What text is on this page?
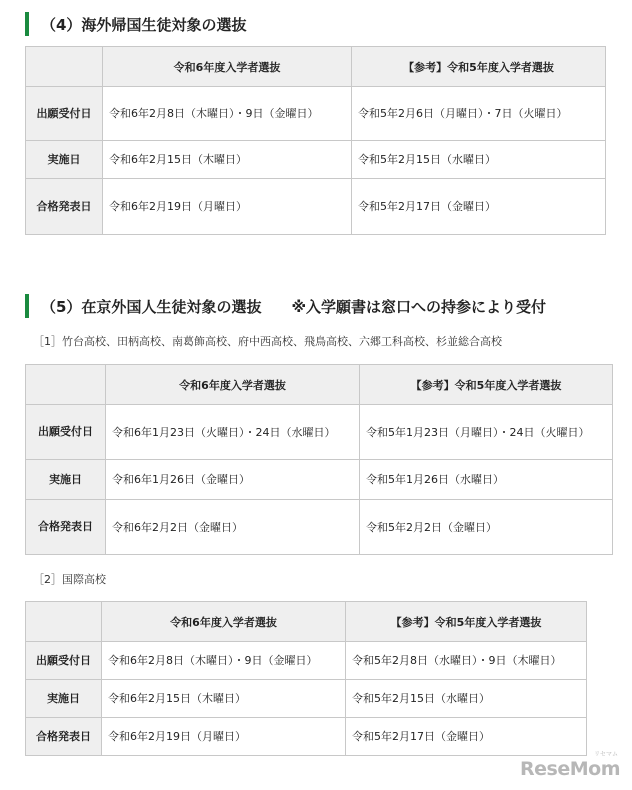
（4）海外帰国生徒対象の選抜
	令和6年度入学者選抜	【参考】令和5年度入学者選抜
出願受付日	令和6年2月8日（木曜日）・9日（金曜日）	令和5年2月6日（月曜日）・7日（火曜日）
実施日	令和6年2月15日（木曜日）	令和5年2月15日（水曜日）
合格発表日	令和6年2月19日（月曜日）	令和5年2月17日（金曜日）
（5）在京外国人生徒対象の選抜 ※入学願書は窓口への持参により受付
［1］竹台高校、田柄高校、南葛飾高校、府中西高校、飛鳥高校、六郷工科高校、杉並総合高校
	令和6年度入学者選抜	【参考】令和5年度入学者選抜
出願受付日	令和6年1月23日（火曜日）・24日（水曜日）	令和5年1月23日（月曜日）・24日（火曜日）
実施日	令和6年1月26日（金曜日）	令和5年1月26日（水曜日）
合格発表日	令和6年2月2日（金曜日）	令和5年2月2日（金曜日）
［2］国際高校
	令和6年度入学者選抜	【参考】令和5年度入学者選抜
出願受付日	令和6年2月8日（木曜日）・9日（金曜日）	令和5年2月8日（水曜日）・9日（木曜日）
実施日	令和6年2月15日（木曜日）	令和5年2月15日（水曜日）
合格発表日	令和6年2月19日（月曜日）	令和5年2月17日（金曜日）
ReseMom
リセマム
